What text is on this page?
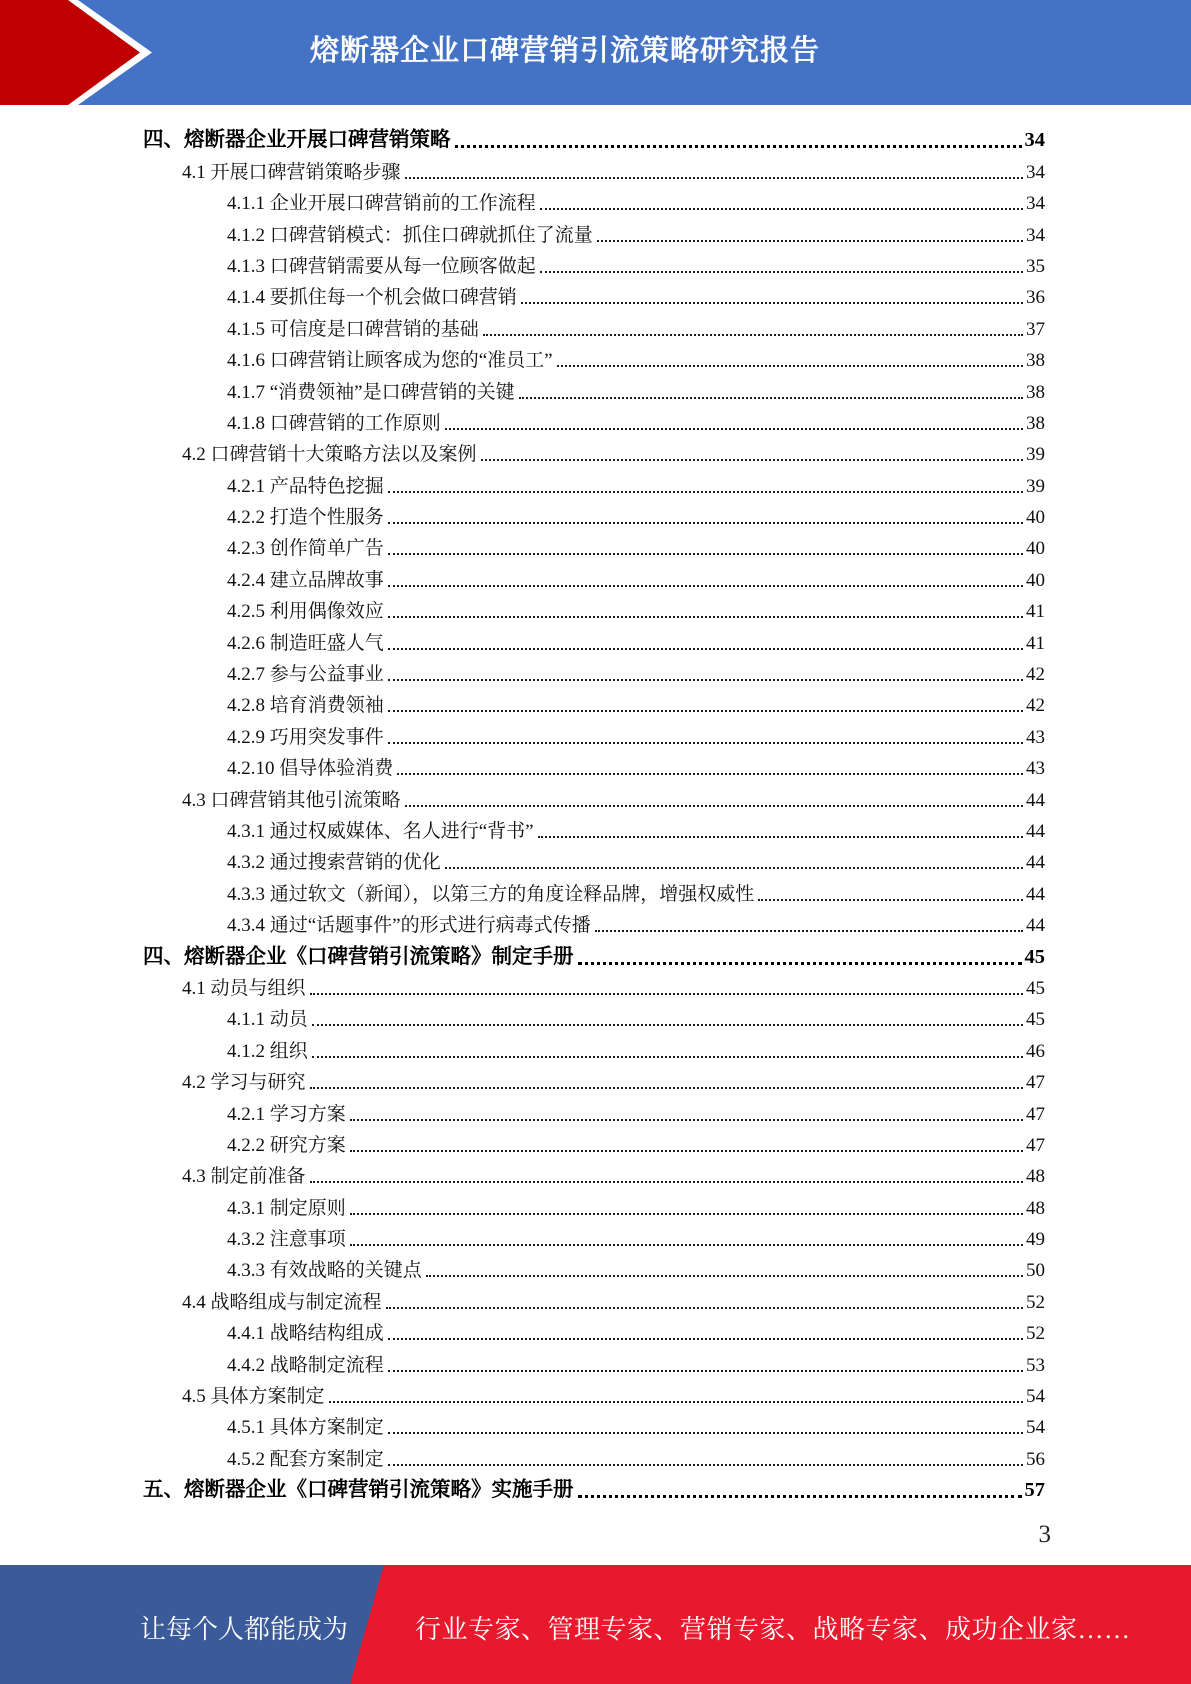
熔断器企业口碑营销引流策略研究报告
四、熔断器企业开展口碑营销策略	34
4.1 开展口碑营销策略步骤	34
4.1.1 企业开展口碑营销前的工作流程	34
4.1.2 口碑营销模式：抓住口碑就抓住了流量	34
4.1.3 口碑营销需要从每一位顾客做起	35
4.1.4 要抓住每一个机会做口碑营销	36
4.1.5 可信度是口碑营销的基础	37
4.1.6 口碑营销让顾客成为您的“准员工”	38
4.1.7 “消费领袖”是口碑营销的关键	38
4.1.8 口碑营销的工作原则	38
4.2 口碑营销十大策略方法以及案例	39
4.2.1 产品特色挖掘	39
4.2.2 打造个性服务	40
4.2.3 创作简单广告	40
4.2.4 建立品牌故事	40
4.2.5 利用偶像效应	41
4.2.6 制造旺盛人气	41
4.2.7 参与公益事业	42
4.2.8 培育消费领袖	42
4.2.9 巧用突发事件	43
4.2.10 倡导体验消费	43
4.3 口碑营销其他引流策略	44
4.3.1 通过权威媒体、名人进行“背书”	44
4.3.2 通过搜索营销的优化	44
4.3.3 通过软文（新闻），以第三方的角度诠释品牌，增强权威性	44
4.3.4 通过“话题事件”的形式进行病毒式传播	44
四、熔断器企业《口碑营销引流策略》制定手册	45
4.1 动员与组织	45
4.1.1 动员	45
4.1.2 组织	46
4.2 学习与研究	47
4.2.1 学习方案	47
4.2.2 研究方案	47
4.3 制定前准备	48
4.3.1 制定原则	48
4.3.2 注意事项	49
4.3.3 有效战略的关键点	50
4.4 战略组成与制定流程	52
4.4.1 战略结构组成	52
4.4.2 战略制定流程	53
4.5 具体方案制定	54
4.5.1 具体方案制定	54
4.5.2 配套方案制定	56
五、熔断器企业《口碑营销引流策略》实施手册	57
3
让每个人都能成为	行业专家、管理专家、营销专家、战略专家、成功企业家……
